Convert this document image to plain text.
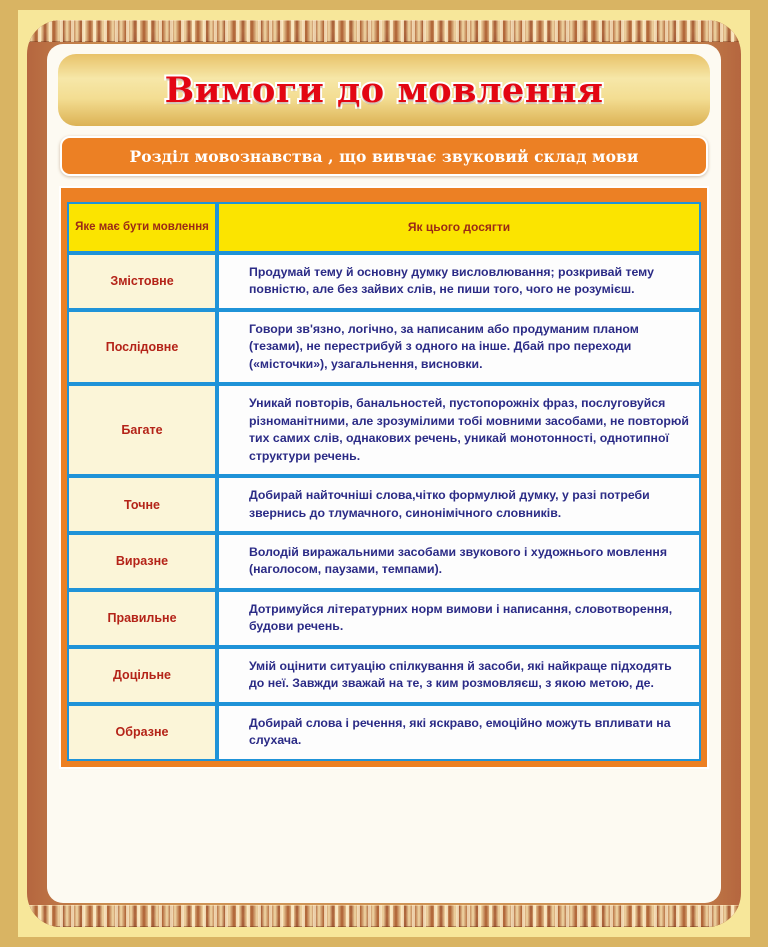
Вимоги до мовлення
Розділ мовознавства , що вивчає звуковий склад мови
Яке має бути мовлення	Як цього досягти
Змістовне	Продумай тему й основну думку висловлювання; розкривай тему повністю, але без зайвих слів, не пиши того, чого не розумієш.
Послідовне	Говори зв'язно, логічно, за написаним або продуманим планом (тезами), не перестрибуй з одного на інше. Дбай про переходи («місточки»), узагальнення, висновки.
Багате	Уникай повторів, банальностей, пустопорожніх фраз, послуговуйся різноманітними, але зрозумілими тобі мовними засобами, не повторюй тих самих слів, однакових речень, уникай монотонності, однотипної структури речень.
Точне	Добирай найточніші слова,чітко формулюй думку, у разі потреби звернись до тлумачного, синонімічного словників.
Виразне	Володій виражальними засобами звукового і художнього мовлення (наголосом, паузами, темпами).
Правильне	Дотримуйся літературних норм вимови і написання, словотворення, будови речень.
Доцільне	Умій оцінити ситуацію спілкування й засоби, які найкраще підходять до неї. Завжди зважай на те, з ким розмовляєш, з якою метою, де.
Образне	Добирай слова і речення, які яскраво, емоційно можуть впливати на слухача.
